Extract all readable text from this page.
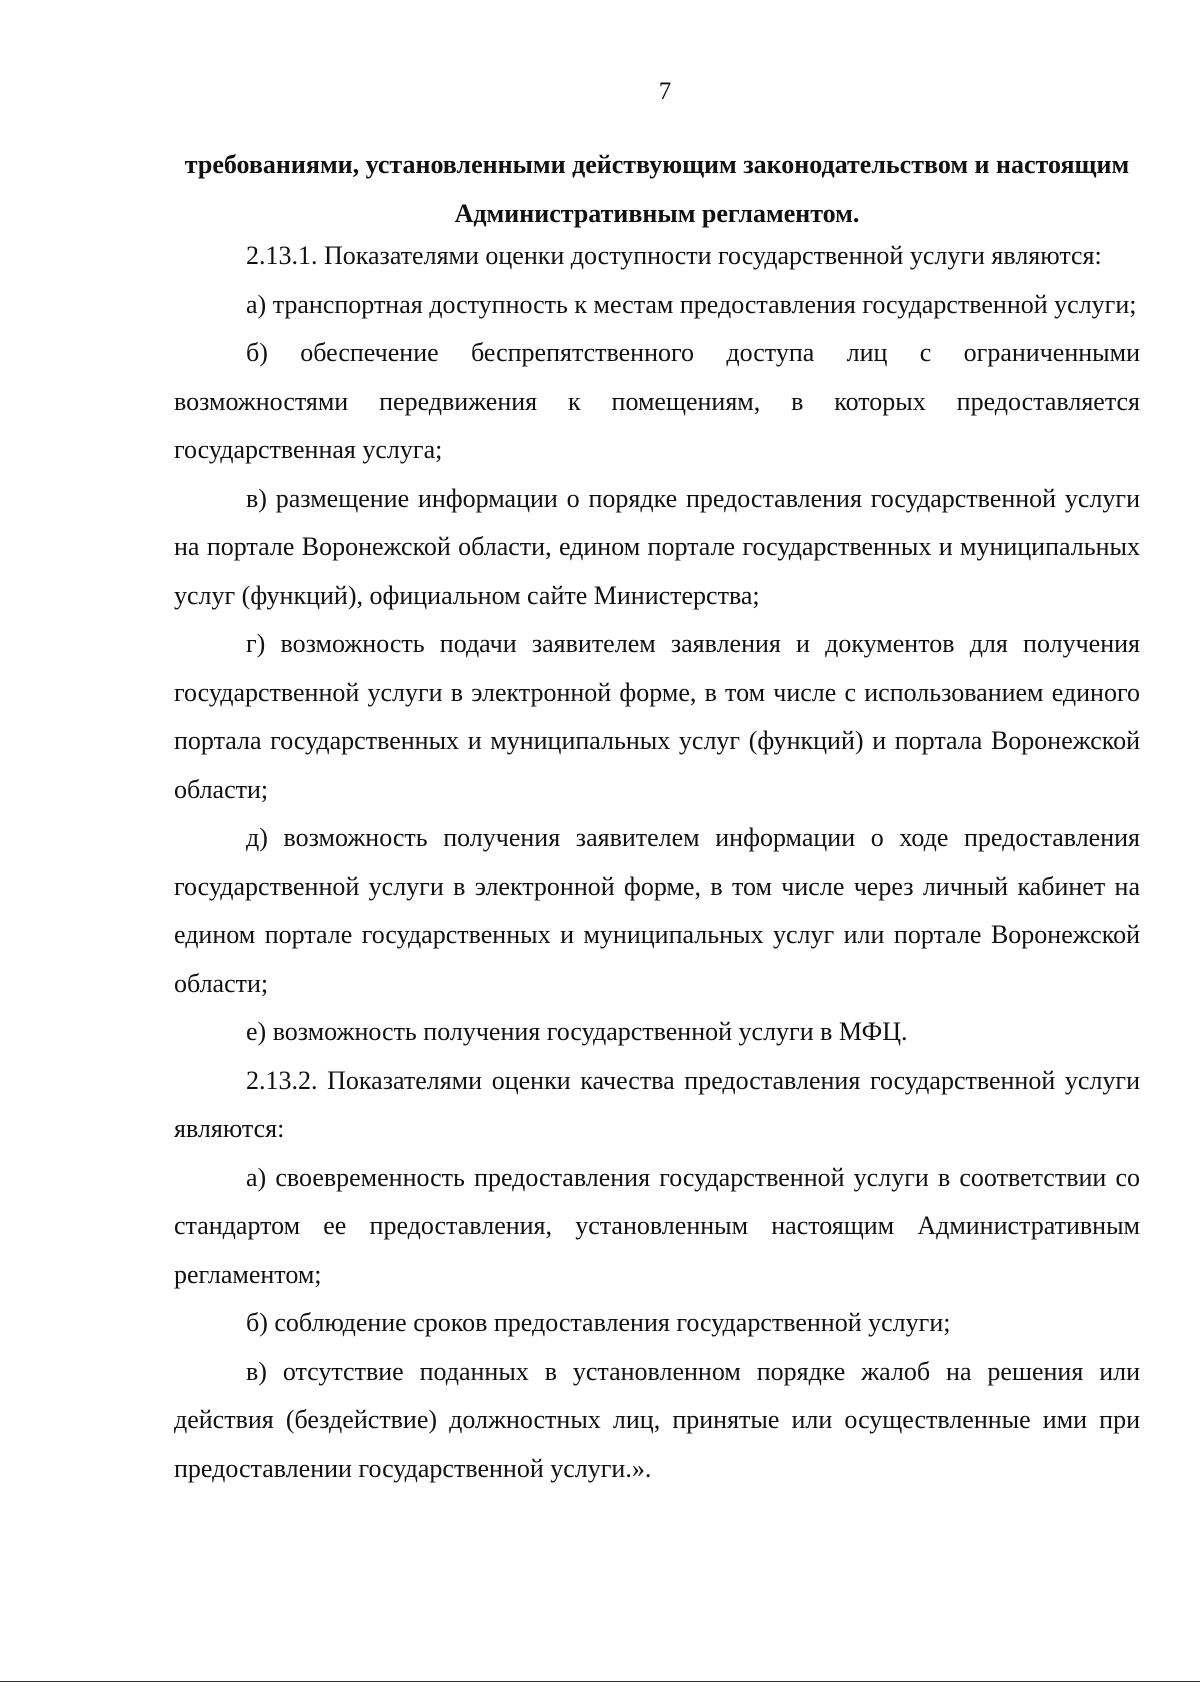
7
требованиями, установленными действующим законодательством и настоящим Административным регламентом.

2.13.1. Показателями оценки доступности государственной услуги являются:

а) транспортная доступность к местам предоставления государственной услуги;

б) обеспечение беспрепятственного доступа лиц с ограниченными возможностями передвижения к помещениям, в которых предоставляется государственная услуга;

в) размещение информации о порядке предоставления государственной услуги на портале Воронежской области, едином портале государственных и муниципальных услуг (функций), официальном сайте Министерства;

г) возможность подачи заявителем заявления и документов для получения государственной услуги в электронной форме, в том числе с использованием единого портала государственных и муниципальных услуг (функций) и портала Воронежской области;

д) возможность получения заявителем информации о ходе предоставления государственной услуги в электронной форме, в том числе через личный кабинет на едином портале государственных и муниципальных услуг или портале Воронежской области;

е) возможность получения государственной услуги в МФЦ.

2.13.2. Показателями оценки качества предоставления государственной услуги являются:

а) своевременность предоставления государственной услуги в соответствии со стандартом ее предоставления, установленным настоящим Административным регламентом;

б) соблюдение сроков предоставления государственной услуги;

в) отсутствие поданных в установленном порядке жалоб на решения или действия (бездействие) должностных лиц, принятые или осуществленные ими при предоставлении государственной услуги.».
